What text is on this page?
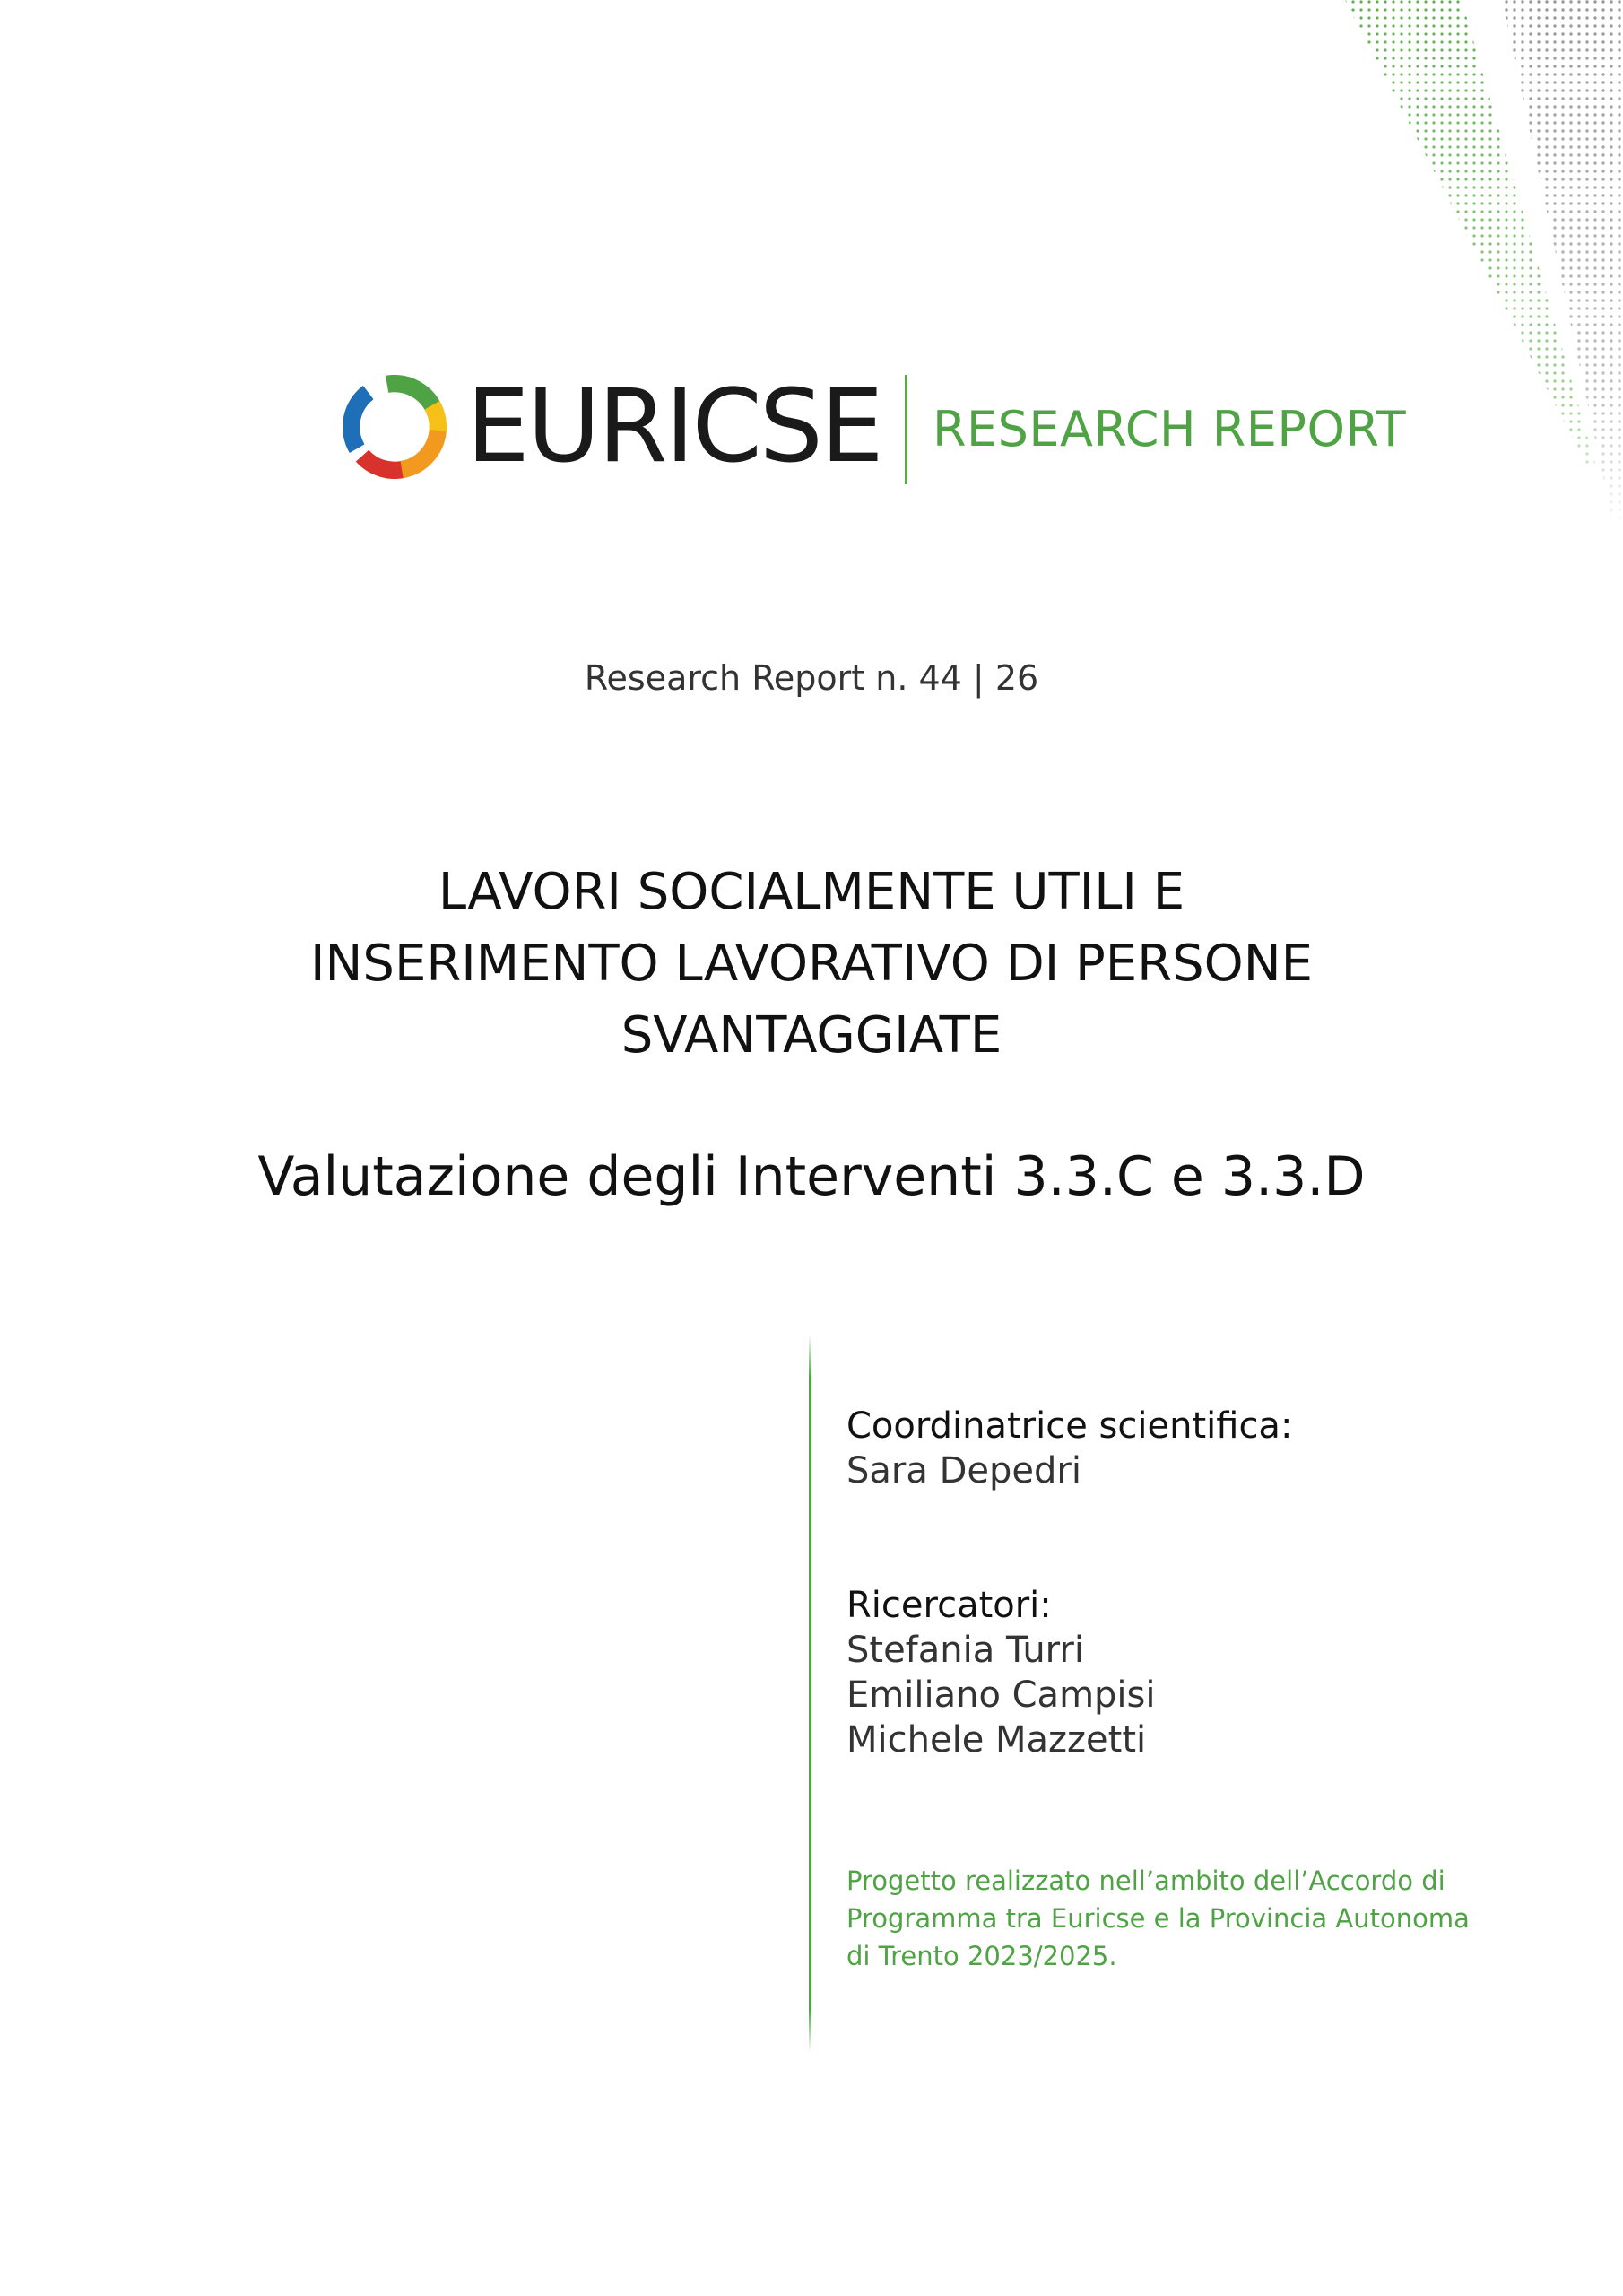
EURICSE RESEARCH REPORT
Research Report n. 44 | 26
LAVORI SOCIALMENTE UTILI E
INSERIMENTO LAVORATIVO DI PERSONE
SVANTAGGIATE
Valutazione degli Interventi 3.3.C e 3.3.D
Coordinatrice scientifica:
Sara Depedri
Ricercatori:
Stefania Turri
Emiliano Campisi
Michele Mazzetti
Progetto realizzato nell’ambito dell’Accordo di Programma tra Euricse e la Provincia Autonoma di Trento 2023/2025.
